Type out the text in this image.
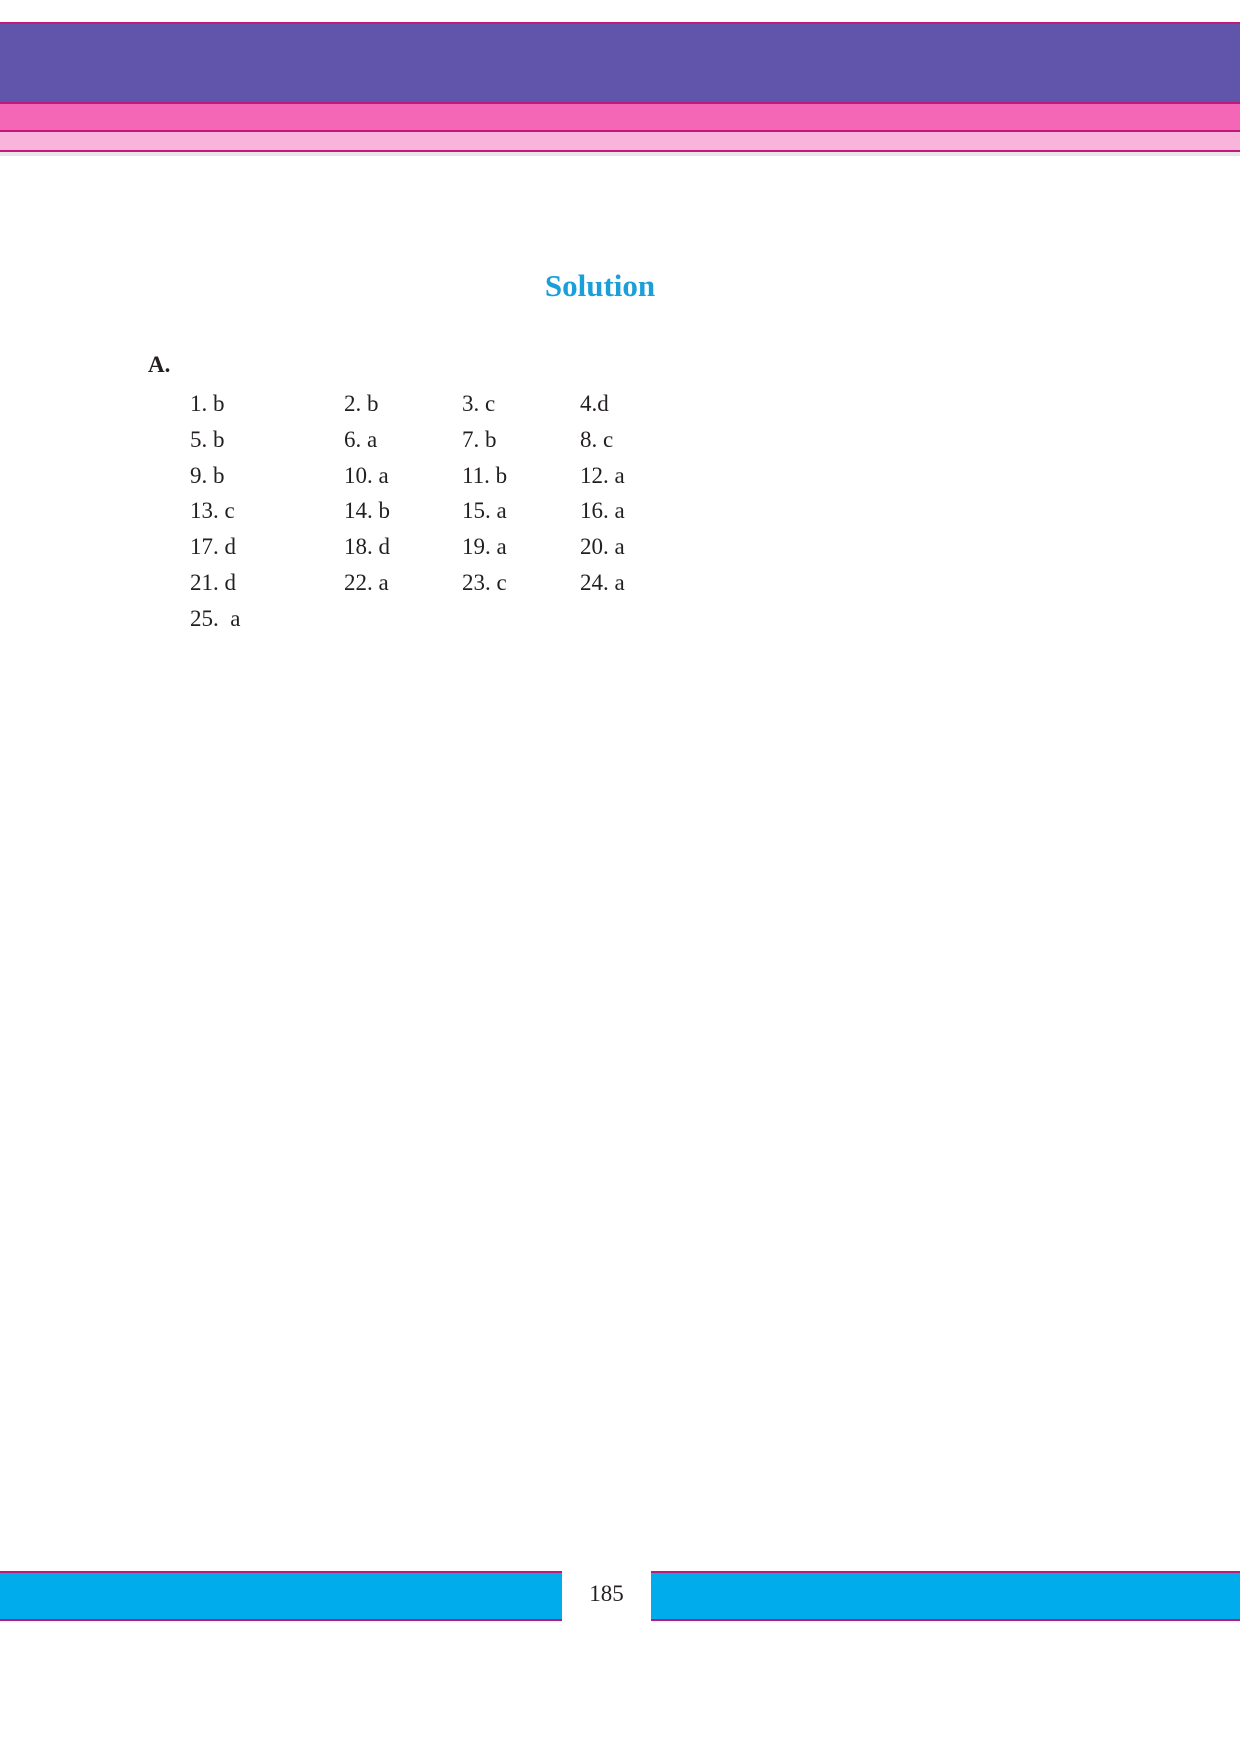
Solution
A.
1. b	2. b	3. c	4.d
5. b	6. a	7. b	8. c
9. b	10. a	11. b	12. a
13. c	14. b	15. a	16. a
17. d	18. d	19. a	20. a
21. d	22. a	23. c	24. a
25.  a
185
